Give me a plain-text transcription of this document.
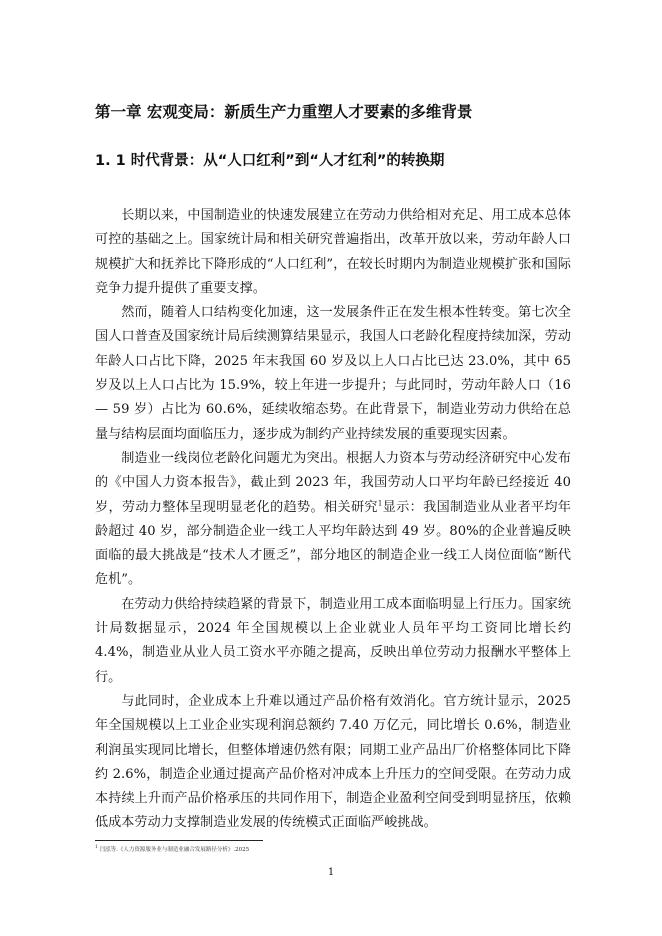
第一章 宏观变局：新质生产力重塑人才要素的多维背景
1. 1 时代背景：从“人口红利”到“人才红利”的转换期

长期以来，中国制造业的快速发展建立在劳动力供给相对充足、用工成本总体可控的基础之上。国家统计局和相关研究普遍指出，改革开放以来，劳动年龄人口规模扩大和抚养比下降形成的“人口红利”，在较长时期内为制造业规模扩张和国际竞争力提升提供了重要支撑。

然而，随着人口结构变化加速，这一发展条件正在发生根本性转变。第七次全国人口普查及国家统计局后续测算结果显示，我国人口老龄化程度持续加深，劳动年龄人口占比下降，2025 年末我国 60 岁及以上人口占比已达 23.0%，其中 65 岁及以上人口占比为 15.9%，较上年进一步提升；与此同时，劳动年龄人口（16 — 59 岁）占比为 60.6%，延续收缩态势。在此背景下，制造业劳动力供给在总量与结构层面均面临压力，逐步成为制约产业持续发展的重要现实因素。

制造业一线岗位老龄化问题尤为突出。根据人力资本与劳动经济研究中心发布的《中国人力资本报告》，截止到 2023 年，我国劳动人口平均年龄已经接近 40 岁，劳动力整体呈现明显老化的趋势。相关研究$^1$显示：我国制造业从业者平均年龄超过 40 岁，部分制造企业一线工人平均年龄达到 49 岁。80%的企业普遍反映面临的最大挑战是“技术人才匮乏”，部分地区的制造企业一线工人岗位面临“断代危机”。

在劳动力供给持续趋紧的背景下，制造业用工成本面临明显上行压力。国家统计局数据显示，2024 年全国规模以上企业就业人员年平均工资同比增长约 4.4%，制造业从业人员工资水平亦随之提高，反映出单位劳动力报酬水平整体上行。

与此同时，企业成本上升难以通过产品价格有效消化。官方统计显示，2025 年全国规模以上工业企业实现利润总额约 7.40 万亿元，同比增长 0.6%，制造业利润虽实现同比增长，但整体增速仍然有限；同期工业产品出厂价格整体同比下降约 2.6%，制造企业通过提高产品价格对冲成本上升压力的空间受限。在劳动力成本持续上升而产品价格承压的共同作用下，制造企业盈利空间受到明显挤压，依赖低成本劳动力支撑制造业发展的传统模式正面临严峻挑战。

$^1$ 闫泓等.《人力资源服务业与制造业融合发展路径分析》.2025
1
